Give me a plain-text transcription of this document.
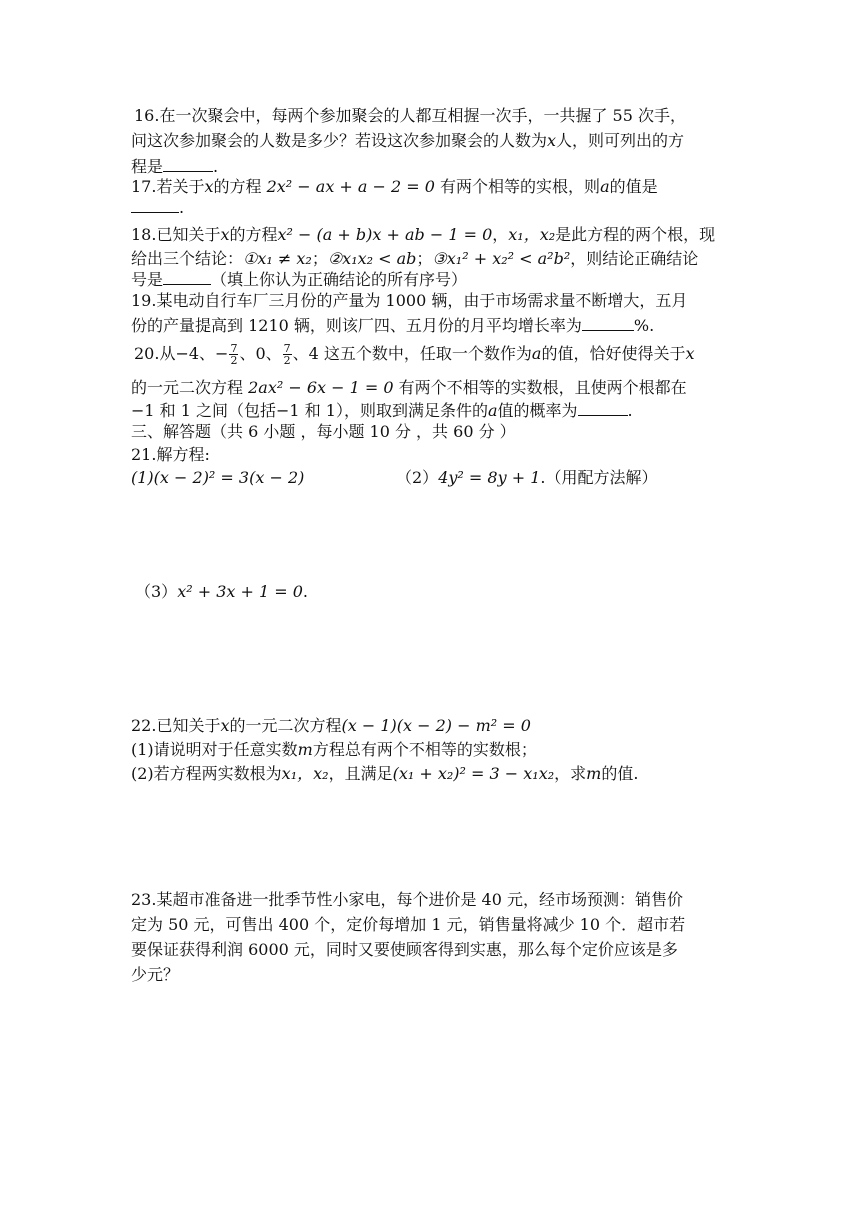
16.在一次聚会中，每两个参加聚会的人都互相握一次手，一共握了 55 次手，
问这次参加聚会的人数是多少？若设这次参加聚会的人数为x人，则可列出的方
程是	.
17.若关于x的方程 2x² − ax + a − 2 = 0 有两个相等的实根，则a的值是
.
18.已知关于x的方程x² − (a + b)x + ab − 1 = 0，x₁，x₂是此方程的两个根，现
给出三个结论：①x₁ ≠ x₂；②x₁x₂ < ab；③x₁² + x₂² < a²b²，则结论正确结论
号是	（填上你认为正确结论的所有序号）
19.某电动自行车厂三月份的产量为 1000 辆，由于市场需求量不断增大，五月
份的产量提高到 1210 辆，则该厂四、五月份的月平均增长率为	%.
20.从−4、− $\frac{7}{2}$ 、0、 $\frac{7}{2}$ 、4 这五个数中，任取一个数作为a的值，恰好使得关于x
的一元二次方程 2ax² − 6x − 1 = 0 有两个不相等的实数根，且使两个根都在
−1 和 1 之间（包括−1 和 1），则取到满足条件的a值的概率为	.
三、解答题（共 6 小题 ，每小题 10 分 ，共 60 分 ）
21.解方程:
(1)(x − 2)² = 3(x − 2)	（2）4y² = 8y + 1.（用配方法解）
（3）x² + 3x + 1 = 0.
22.已知关于x的一元二次方程(x − 1)(x − 2) − m² = 0
(1)请说明对于任意实数m方程总有两个不相等的实数根；
(2)若方程两实数根为x₁，x₂，且满足(x₁ + x₂)² = 3 − x₁x₂，求m的值.
23.某超市准备进一批季节性小家电，每个进价是 40 元，经市场预测：销售价
定为 50 元，可售出 400 个，定价每增加 1 元，销售量将减少 10 个．超市若
要保证获得利润 6000 元，同时又要使顾客得到实惠，那么每个定价应该是多
少元？
